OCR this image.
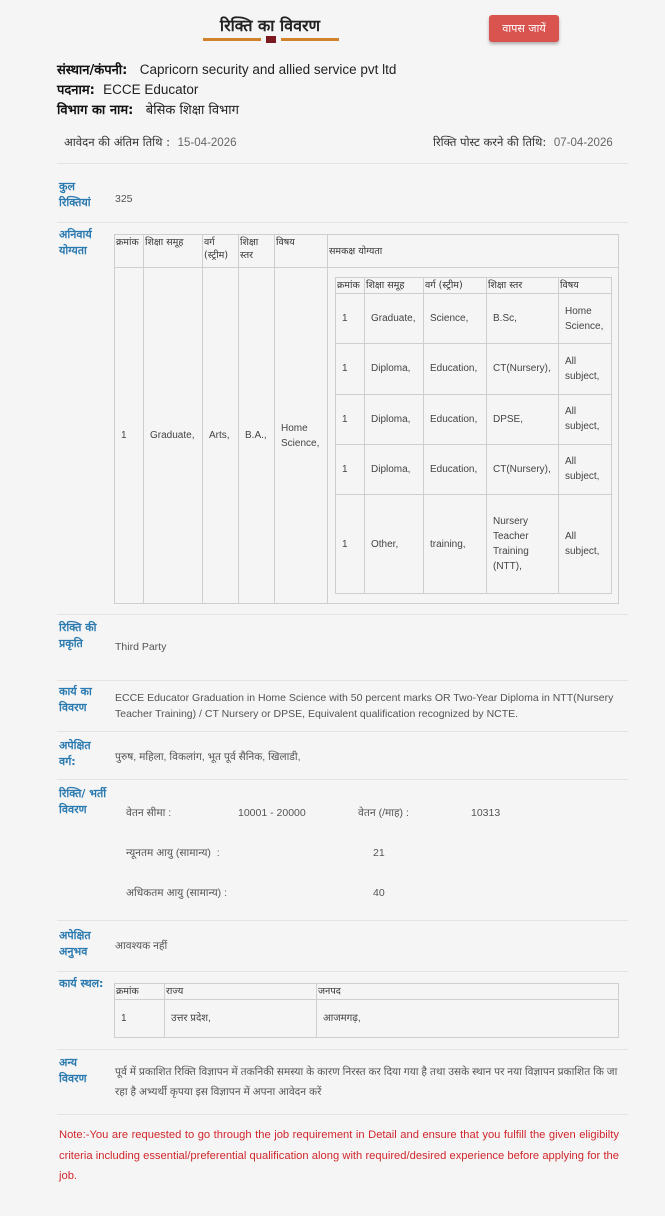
रिक्ति का विवरण	वापस जायें
संस्थान/कंपनी: Capricorn security and allied service pvt ltd
पदनाम: ECCE Educator
विभाग का नाम: बेसिक शिक्षा विभाग
आवेदन की अंतिम तिथि : 15-04-2026	रिक्ति पोस्ट करने की तिथि: 07-04-2026
कुल रिक्तियां	325
अनिवार्य योग्यता
क्रमांक	शिक्षा समूह	वर्ग (स्ट्रीम)	शिक्षा स्तर	विषय	समकक्ष योग्यता
1	Graduate,	Arts,	B.A.,	Home Science,	
क्रमांक	शिक्षा समूह	वर्ग (स्ट्रीम)	शिक्षा स्तर	विषय
1	Graduate,	Science,	B.Sc,	Home Science,
1	Diploma,	Education,	CT(Nursery),	All subject,
1	Diploma,	Education,	DPSE,	All subject,
1	Diploma,	Education,	CT(Nursery),	All subject,
1	Other,	training,	Nursery Teacher Training (NTT),	All subject,
रिक्ति की प्रकृति	Third Party
कार्य का विवरण
ECCE Educator Graduation in Home Science with 50 percent marks OR Two-Year Diploma in NTT(Nursery Teacher Training) / CT Nursery or DPSE, Equivalent qualification recognized by NCTE.
अपेक्षित वर्ग:	पुरुष, महिला, विकलांग, भूत पूर्व सैनिक, खिलाडी,
रिक्ति/ भर्ती विवरण	वेतन सीमा :	10001 - 20000	वेतन (/माह) :	10313
न्यूनतम आयु (सामान्य)  :	21
अधिकतम आयु (सामान्य) :	40
अपेक्षित अनुभव	आवश्यक नहीं
कार्य स्थल:
क्रमांक	राज्य	जनपद
1	उत्तर प्रदेश,	आजमगढ़,
अन्य विवरण	पूर्व में प्रकाशित रिक्ति विज्ञापन में तकनिकी समस्या के कारण निरस्त कर दिया गया है तथा उसके स्थान पर नया विज्ञापन प्रकाशित कि जा रहा है अभ्यर्थी कृपया इस विज्ञापन में अपना आवेदन करें
Note:-You are requested to go through the job requirement in Detail and ensure that you fulfill the given eligibilty criteria including essential/preferential qualification along with required/desired experience before applying for the job.
